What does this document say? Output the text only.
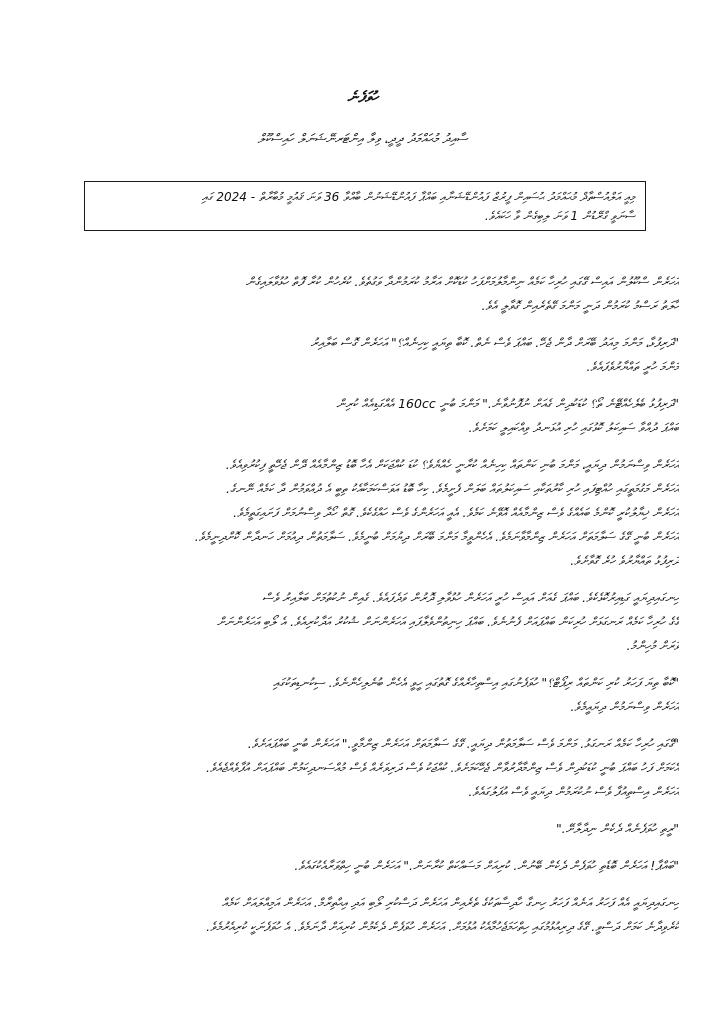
ހުވަފެނެ
ސާއިދު މުޙައްމަދު ދީދީ، ވިލާ އިންޓަރނޭޝަނަލް ހައިސްކޫލް
މިއީ އަލްއުސްތާޛް މުޙައްމަދު ޙުސައިން ފީރުޒް ފައުންޑޭޝަނާއި ބައްޕާ ފައުންޑޭޝަނުން ބާއްވާ 36 ވަނަ ޤައުމީ މުބާރާތް - 2024 ގައި
ސާނަވީ ގްރޭޑުން 1 ވަނަ ލިބިގެން ވާ ހަކައެވެ.
އަހަރެން ސްކޫލުން އައިސް ގޭގައި ހުރިހާ ކަމެއް ނިންމާލުމަށްފަހު ކުޑަކޮށް އަރާމު ކުރަމުންދާ ވަގުތެވެ. ކުރެހުން ކުރާ ފޮތް ހުޅުވާލައިގެން
ހާލަތު ރަސްމު ކުރަމުން ދަނީ މަންމަ ގޭތެރެއިން ގޮވާލީ އެވެ.
"ދަރިފުޅާ، މަންމަ މިއަދު ބޭރަށް ދާން ޖެހޭ. ބައްޕަ ވެސް ނެތް. ކޮބާ ތިޔައީ ކިހިނެއް؟" އަހަރެން ގޮސް ބަލާއިރު
މަންމަ ހުރީ ތައްޔާރުވެފައެވެ.
"ދަރިފުޅު ބެލެހެއްޓޭނެ ތޯ؟ ކުޑަކުދިން ގެއަށް ނުފޮނުވާނެ." މަންމަ ބުނީ 160cc އެއްގަޑިއެއް ކުރިން
ބައްޕަ ދުއްވާ ސައިކަލު ކޮޅުގައި ހުރި އުޅަނދު ވިއްކައިލީ ކަމަށެވެ.
އަހަރެން ވިސްނަމުން ދިޔައީ، މަންމަ ބުނި ކަންތައް ކިހިނެއް ކުރާނީ ހެއްޔެވެ؟ ކުޑަ ކުއްޖަކަށް އެހާ ބޮޑު ޒިންމާއެއް ދޭން ޖެހޭތީ ފިކުރުވިއެވެ.
އަހަރެން މަގުމަތީގައި ހުއްޓިފައި ހުރި ކާރުތަކާއި ސައިކަލުތައް ބަލަން ފެށީމެވެ. ކިހާ ބޮޑު އަވަސްކަމަކާއެކު ތިބީ އެ ދުއްވަމުން ދާ ކަމެއް ނޭނގެ.
އަހަރެން ޚިޔާލުކުރީ ކޮންމެ ބައެއްގެ ވެސް ޒިންމާއެއް އޮވޭނެ ކަމެވެ. އެއީ އަހަރެންގެ ވެސް ހައްގެކެވެ. ގޮތް ހޯދާ ވިސްނުމަށް ފަށައިގަތީމެވެ.
އަހަރެން ބުނީ ގޭގެ ސަލާމަތަށް އަހަރެން ޒިންމާވާނަމެވެ. އެހެންވީމާ މަންމަ ބޭރަށް ދިޔުމަށް ބުނީމެވެ. ސަލާމަތުން ދިއުމަށް ހަނދާން ކޮށްދިނީމެވެ.
ދަރިފުޅު ތައްޔާރުވެ ހުރެ ގޮވާށެވެ.
ހިނގައިދިޔައީ ގަޑިއިރުކޮޅެކެވެ. ބައްޕަ ގެއަށް އައިސް ހުރީ އަހަރެން ހުޅުވާލި ދޮރުން ވަދެފައެވެ. ގެއިން ނުކުތުމަށް ބަލާއިރު ވެސް
ގޭގެ ހުރިހާ ކަމެއް ރަނގަޅަށް ހުރިކަން ބައްޕައަށް ފެނުނެވެ. ބައްޕަ ހިނިތުންވެލާފައި އަހަރެންނަށް ޝުކުރު އަދާކުރިއެވެ. އެ ލޯބި އަހަރެންނަށް
ވަރަށް މުހިންމު.
"ކޮބާ ތިޔަ ފަހަރު ކުރި ކަންތައް ރިޕޯޓް؟" ހުވަފެނުގައި އިސްތިހާރެއްގެ ގޮތުގައި ހީވީ އެހެން ބުނެލިހެންނެވެ. ސިކުނޑިތަކުގައި
އަހަރެން ވިސްނަމުން ދިޔައީމެވެ.
"ގޭގައި ހުރިހާ ކަމެއް ރަނގަޅު. މަންމަ ވެސް ސަލާމަތުން ދިޔައީ. ގޭގެ ސަލާމަތަށް އަހަރެން ޒިންމާވީ." އަހަރެން ބުނީ ބައްޕައަށެވެ.
އެކަމަށް ފަހު ބައްޕަ ބުނީ ކުޑަކުދިން ވެސް ޒިންމާދާރުވާން ޖެހޭކަމަށެވެ. ކުއްޖަކު ވެސް ދަރިވަރެއް ވެސް މުއްސަނދިކަމުން ބައްޕައަށް އުފާވެއްޖެއެވެ.
އަހަރެން އިސްތިއުފާ ވެސް ނުކުރަމުން ދިޔައީ ވެސް އުފަލުގައެވެ.
"ރީތި ހުވަފެނެއް ދެކެން ނިދާލާށޭ."
"ބައްޕާ! އަހަރެން ބޮޑެތި ހުވަފެން ދެކެން ބޭނުން. ކުރިއަށް މަސައްކަތް ކުރާނަން." އަހަރެން ބުނީ ހިތްވަރާއެކުގައެވެ.
ހިނގައިދިޔައީ އެއް ފަހަރު އަނެއް ފަހަރު ހިނގާ ހާދިސާތަކުގެ ތެރެއިން އަހަރެން ދަސްކުރި ލޯބި އަދި އިޙްތިރާމް. އަހަރެން އަމިއްލައަށް ކަމެއް
ކުރެވިދާނެ ކަމަށް ދަސްވީ. ގޭގެ ދިރިއުޅުމުގައި ހިތްހަމަޖެހުމާއެކު އުޅުމަށް. އަހަރެން ހުވަފެން ދެކެމުން ކުރިއަށް ދާނަމެވެ. އެ ހުވަފެނަކީ ކުރިއެރުމެވެ.
